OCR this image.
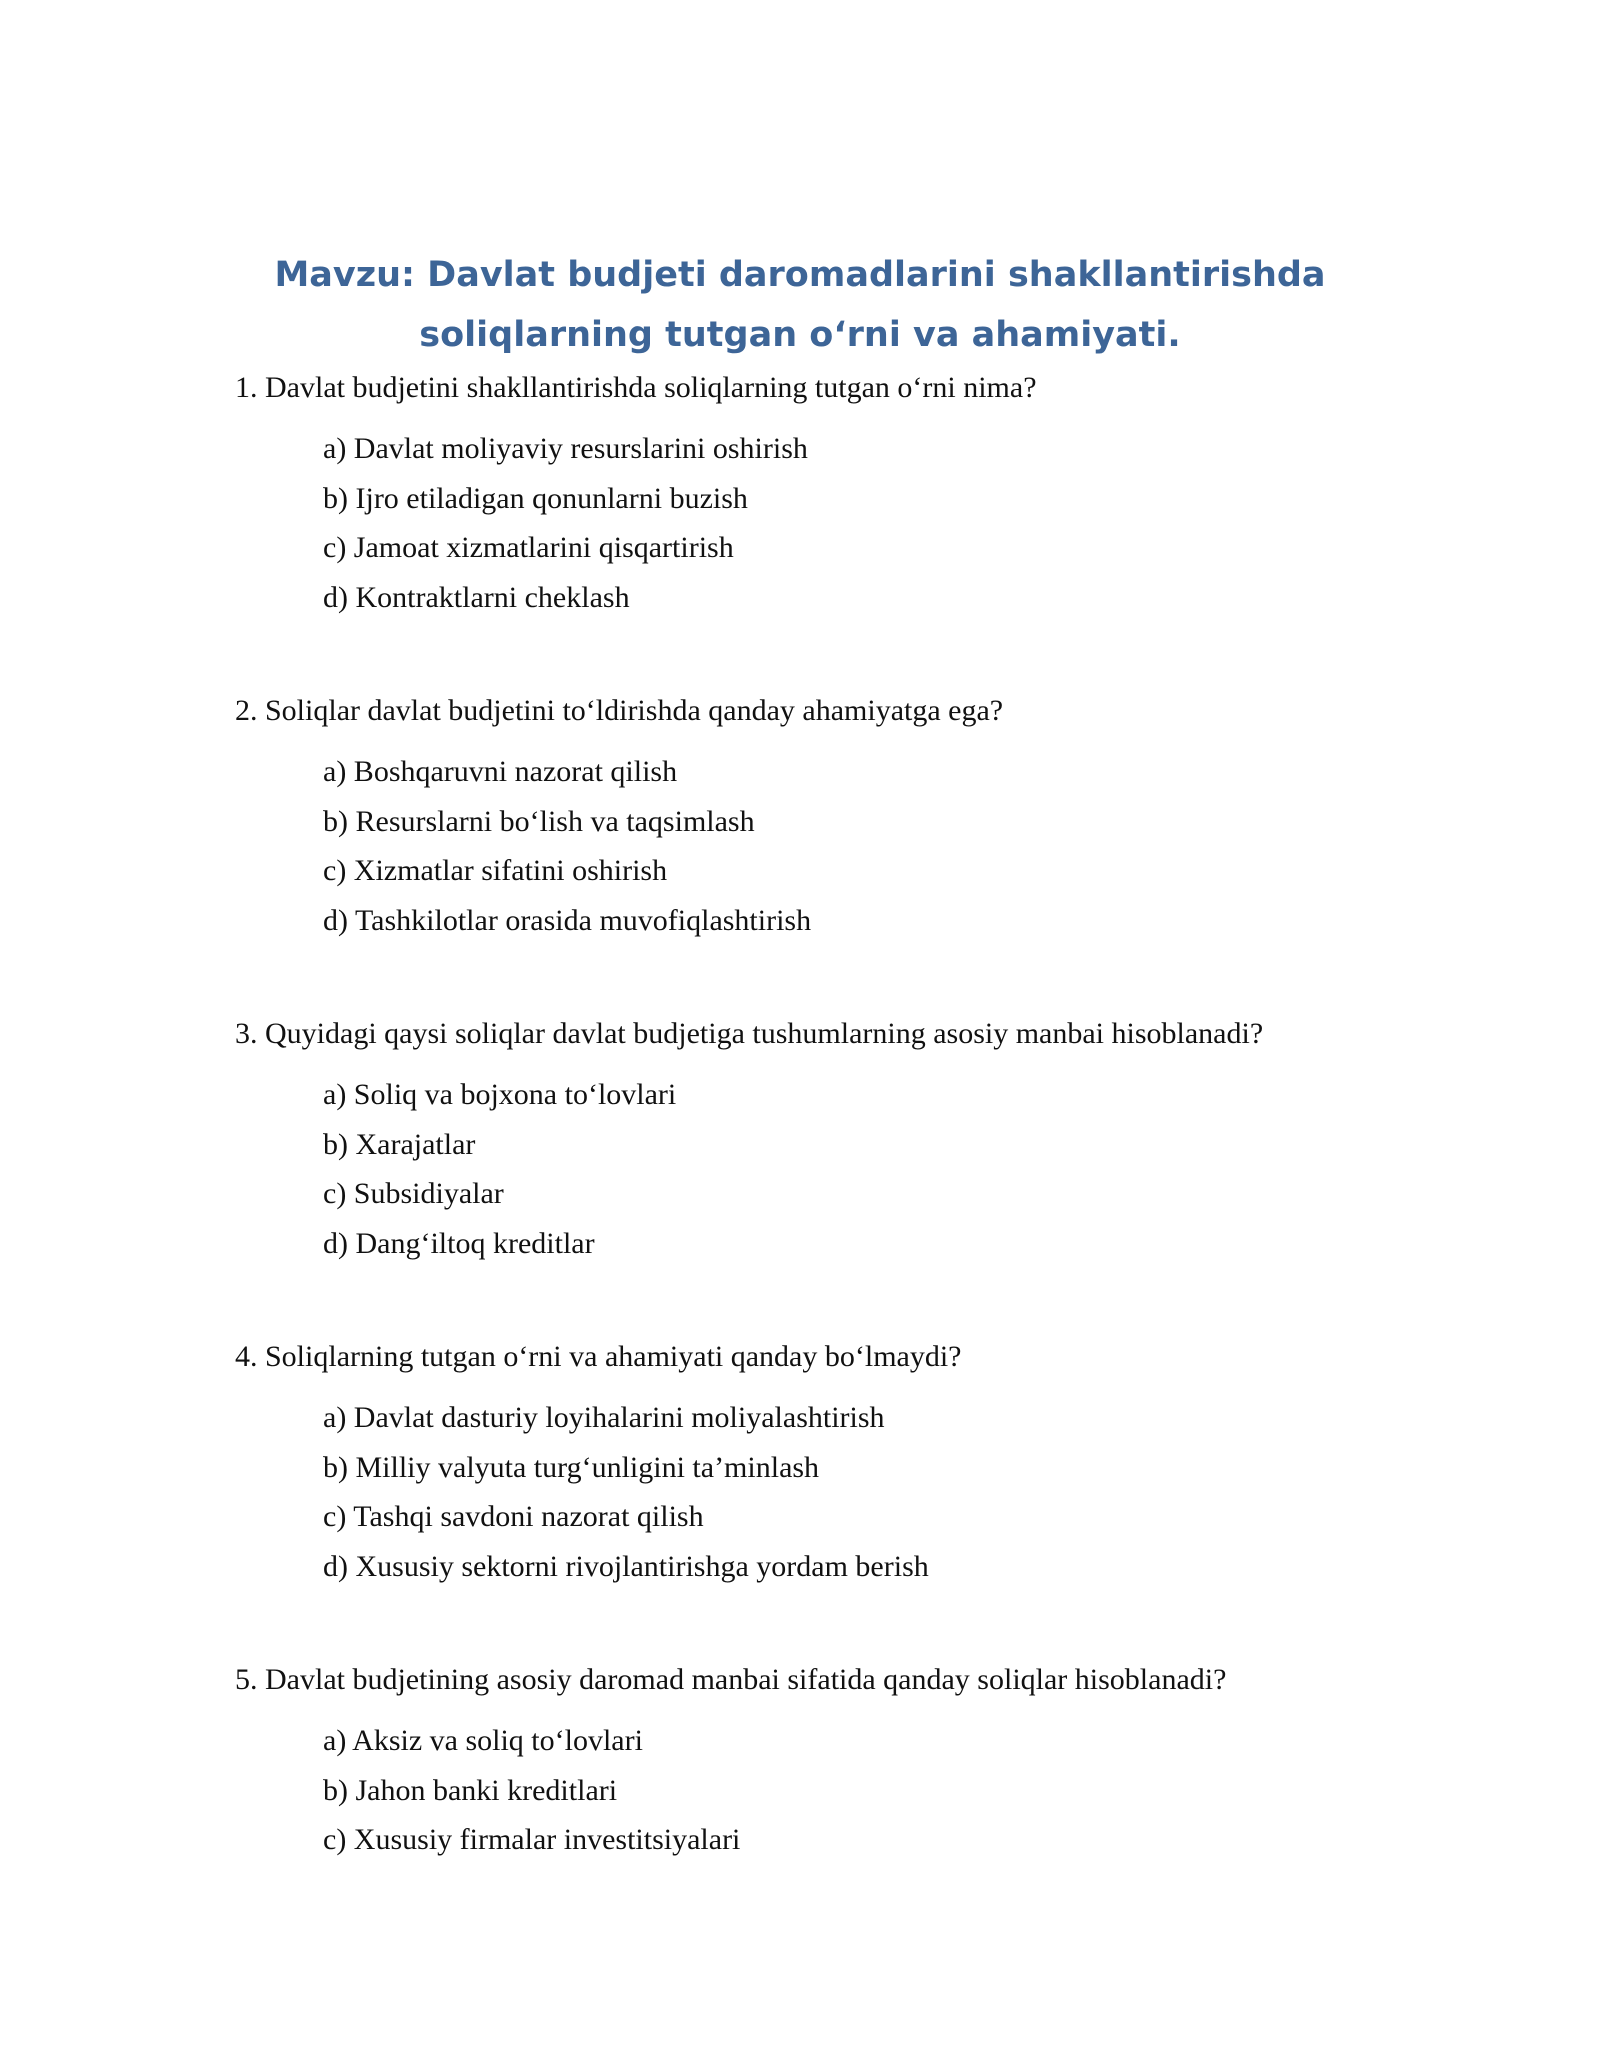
Mavzu: Davlat budjeti daromadlarini shakllantirishda
soliqlarning tutgan o‘rni va ahamiyati.
1. Davlat budjetini shakllantirishda soliqlarning tutgan o‘rni nima?
a) Davlat moliyaviy resurslarini oshirish
b) Ijro etiladigan qonunlarni buzish
c) Jamoat xizmatlarini qisqartirish
d) Kontraktlarni cheklash
2. Soliqlar davlat budjetini to‘ldirishda qanday ahamiyatga ega?
a) Boshqaruvni nazorat qilish
b) Resurslarni bo‘lish va taqsimlash
c) Xizmatlar sifatini oshirish
d) Tashkilotlar orasida muvofiqlashtirish
3. Quyidagi qaysi soliqlar davlat budjetiga tushumlarning asosiy manbai hisoblanadi?
a) Soliq va bojxona to‘lovlari
b) Xarajatlar
c) Subsidiyalar
d) Dang‘iltoq kreditlar
4. Soliqlarning tutgan o‘rni va ahamiyati qanday bo‘lmaydi?
a) Davlat dasturiy loyihalarini moliyalashtirish
b) Milliy valyuta turg‘unligini ta’minlash
c) Tashqi savdoni nazorat qilish
d) Xususiy sektorni rivojlantirishga yordam berish
5. Davlat budjetining asosiy daromad manbai sifatida qanday soliqlar hisoblanadi?
a) Aksiz va soliq to‘lovlari
b) Jahon banki kreditlari
c) Xususiy firmalar investitsiyalari
